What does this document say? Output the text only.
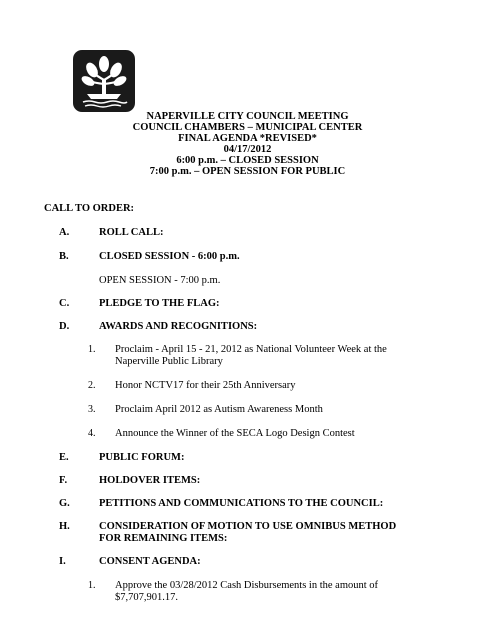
NAPERVILLE CITY COUNCIL MEETING
COUNCIL CHAMBERS – MUNICIPAL CENTER
FINAL AGENDA *REVISED*
04/17/2012
6:00 p.m. – CLOSED SESSION
7:00 p.m. – OPEN SESSION FOR PUBLIC
CALL TO ORDER:
A.	ROLL CALL:
B.	CLOSED SESSION - 6:00 p.m.
OPEN SESSION - 7:00 p.m.
C.	PLEDGE TO THE FLAG:
D.	AWARDS AND RECOGNITIONS:
1. Proclaim - April 15 - 21, 2012 as National Volunteer Week at the
Naperville Public Library
2. Honor NCTV17 for their 25th Anniversary
3. Proclaim April 2012 as Autism Awareness Month
4. Announce the Winner of the SECA Logo Design Contest
E.	PUBLIC FORUM:
F.	HOLDOVER ITEMS:
G.	PETITIONS AND COMMUNICATIONS TO THE COUNCIL:
H.	CONSIDERATION OF MOTION TO USE OMNIBUS METHOD
FOR REMAINING ITEMS:
I.	CONSENT AGENDA:
1. Approve the 03/28/2012 Cash Disbursements in the amount of
$7,707,901.17.
